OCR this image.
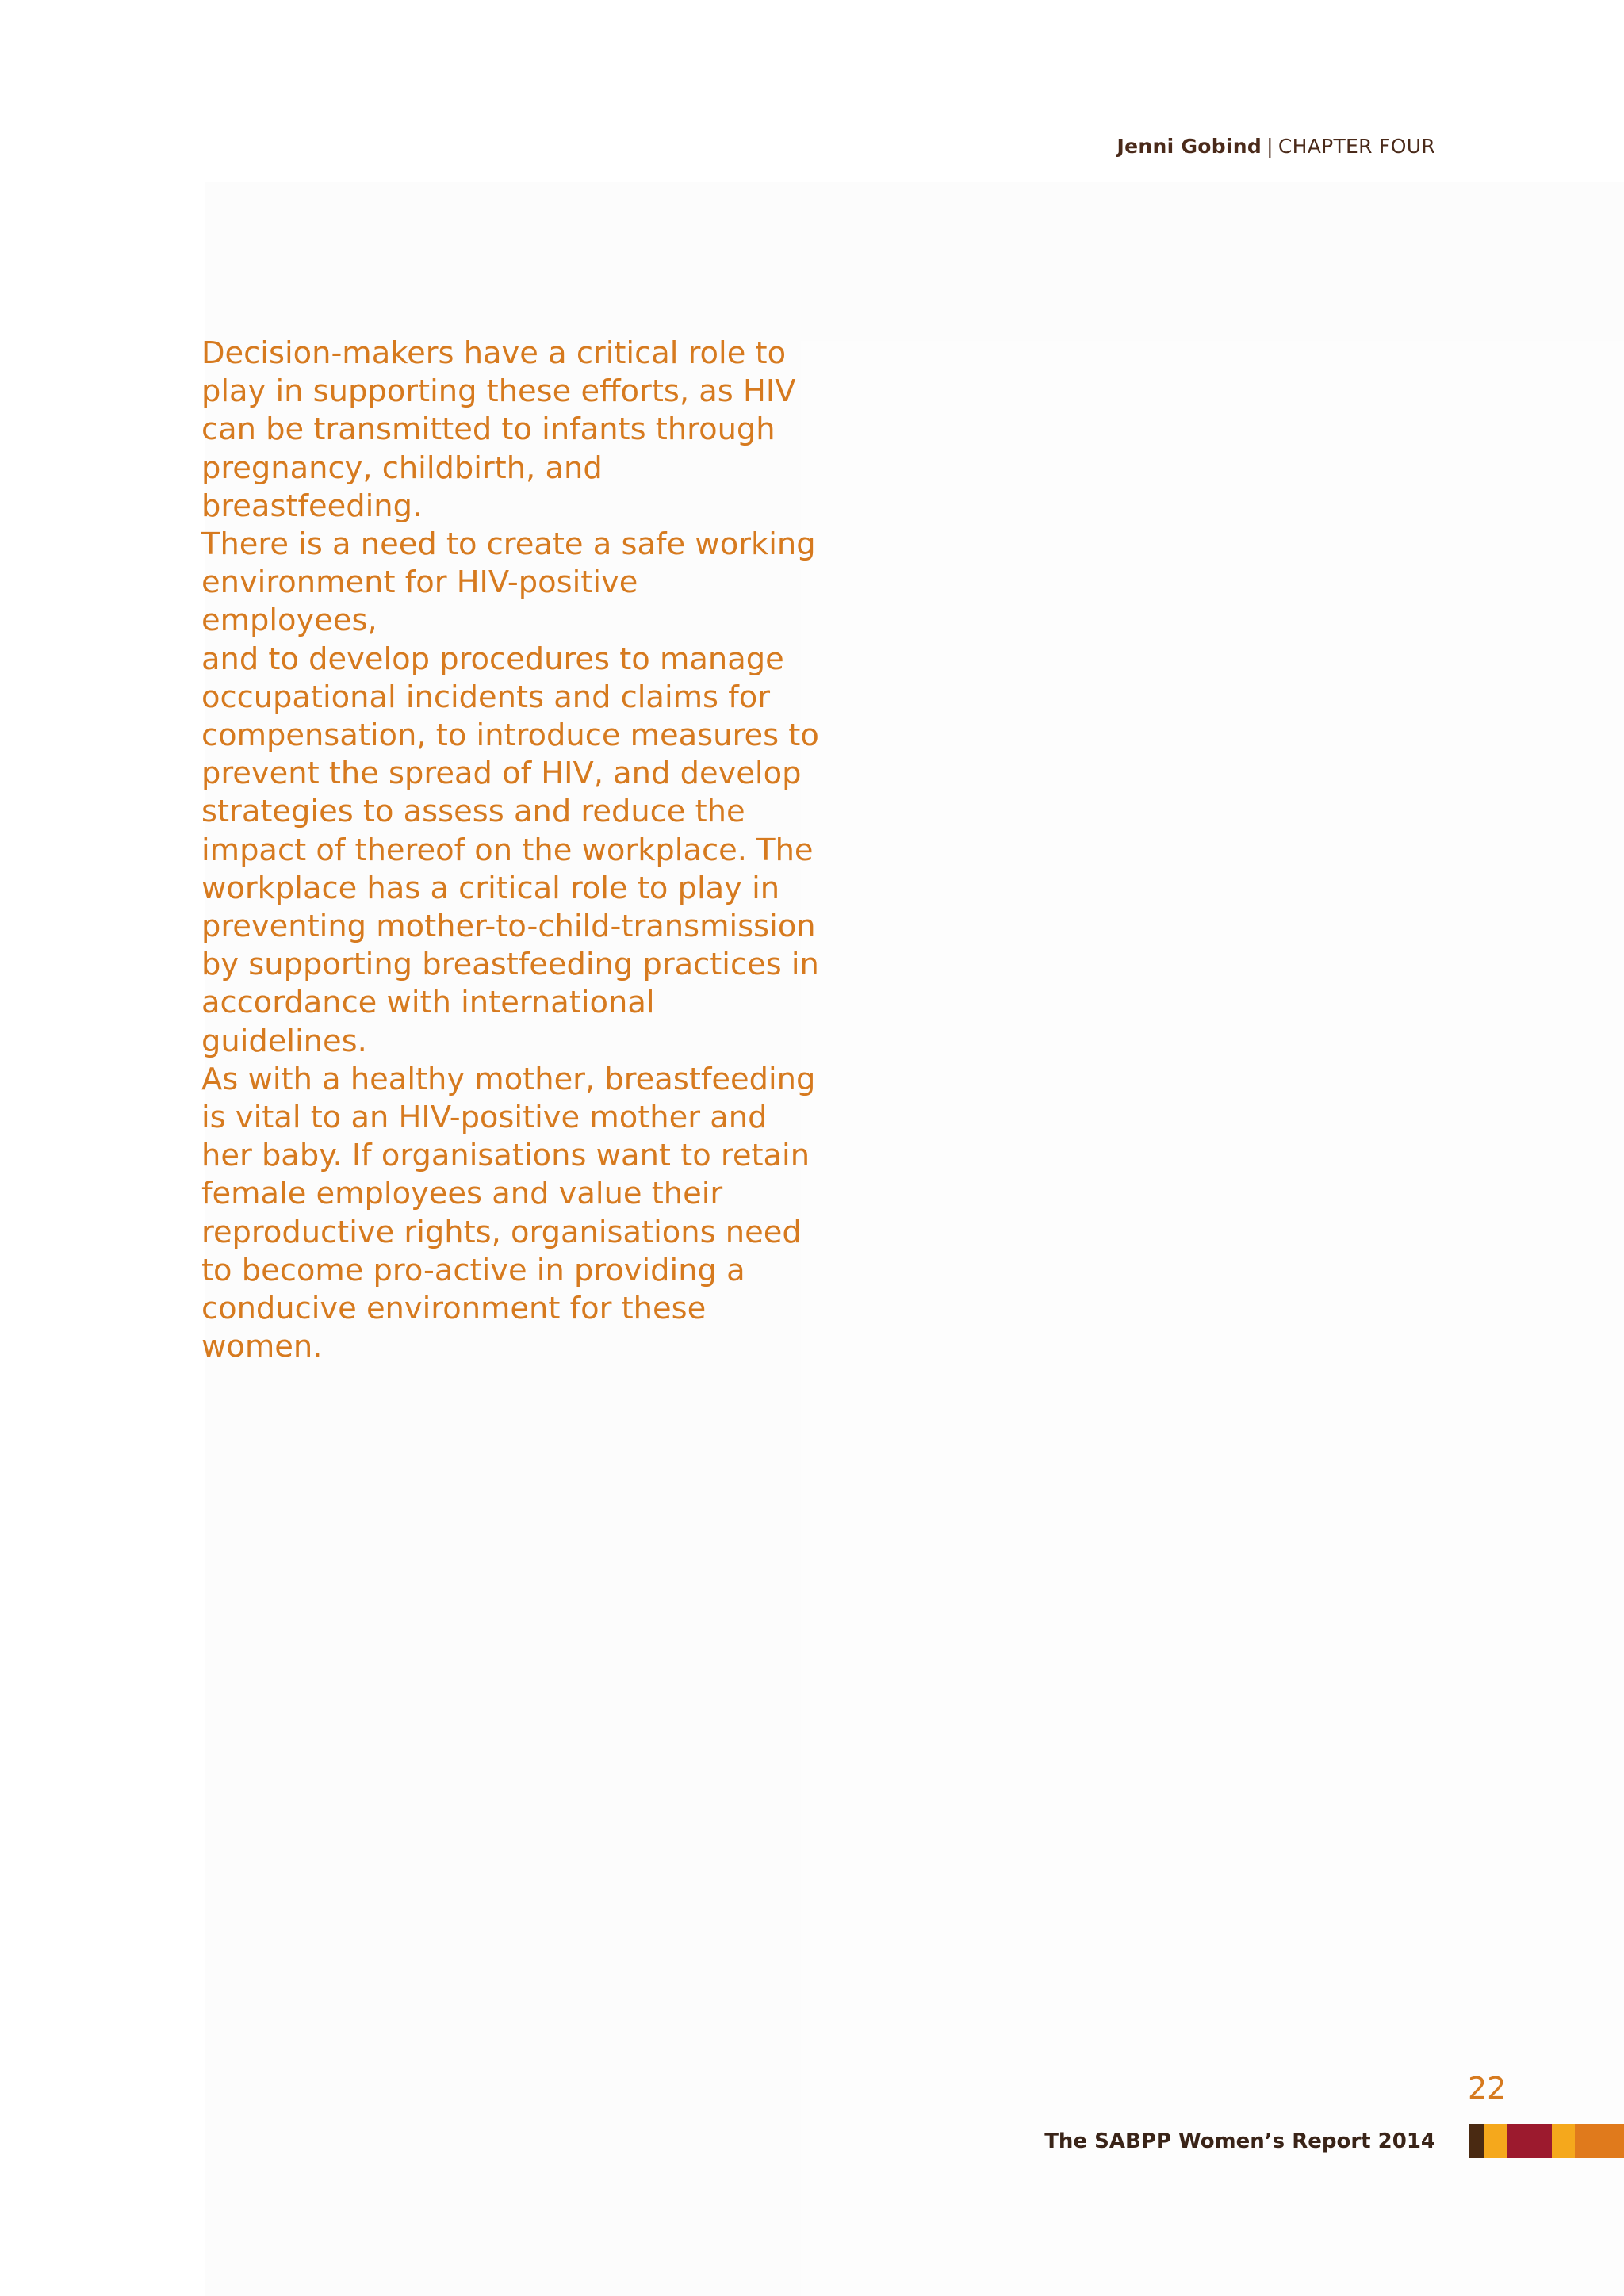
Jenni Gobind | CHAPTER FOUR

Decision-makers have a critical role to
play in supporting these efforts, as HIV
can be transmitted to infants through
pregnancy, childbirth, and breastfeeding.
There is a need to create a safe working
environment for HIV-positive employees,
and to develop procedures to manage
occupational incidents and claims for
compensation, to introduce measures to
prevent the spread of HIV, and develop
strategies to assess and reduce the
impact of thereof on the workplace. The
workplace has a critical role to play in
preventing mother-to-child-transmission
by supporting breastfeeding practices in
accordance with international guidelines.
As with a healthy mother, breastfeeding
is vital to an HIV-positive mother and
her baby. If organisations want to retain
female employees and value their
reproductive rights, organisations need
to become pro-active in providing a
conducive environment for these women.

22
The SABPP Women’s Report 2014
